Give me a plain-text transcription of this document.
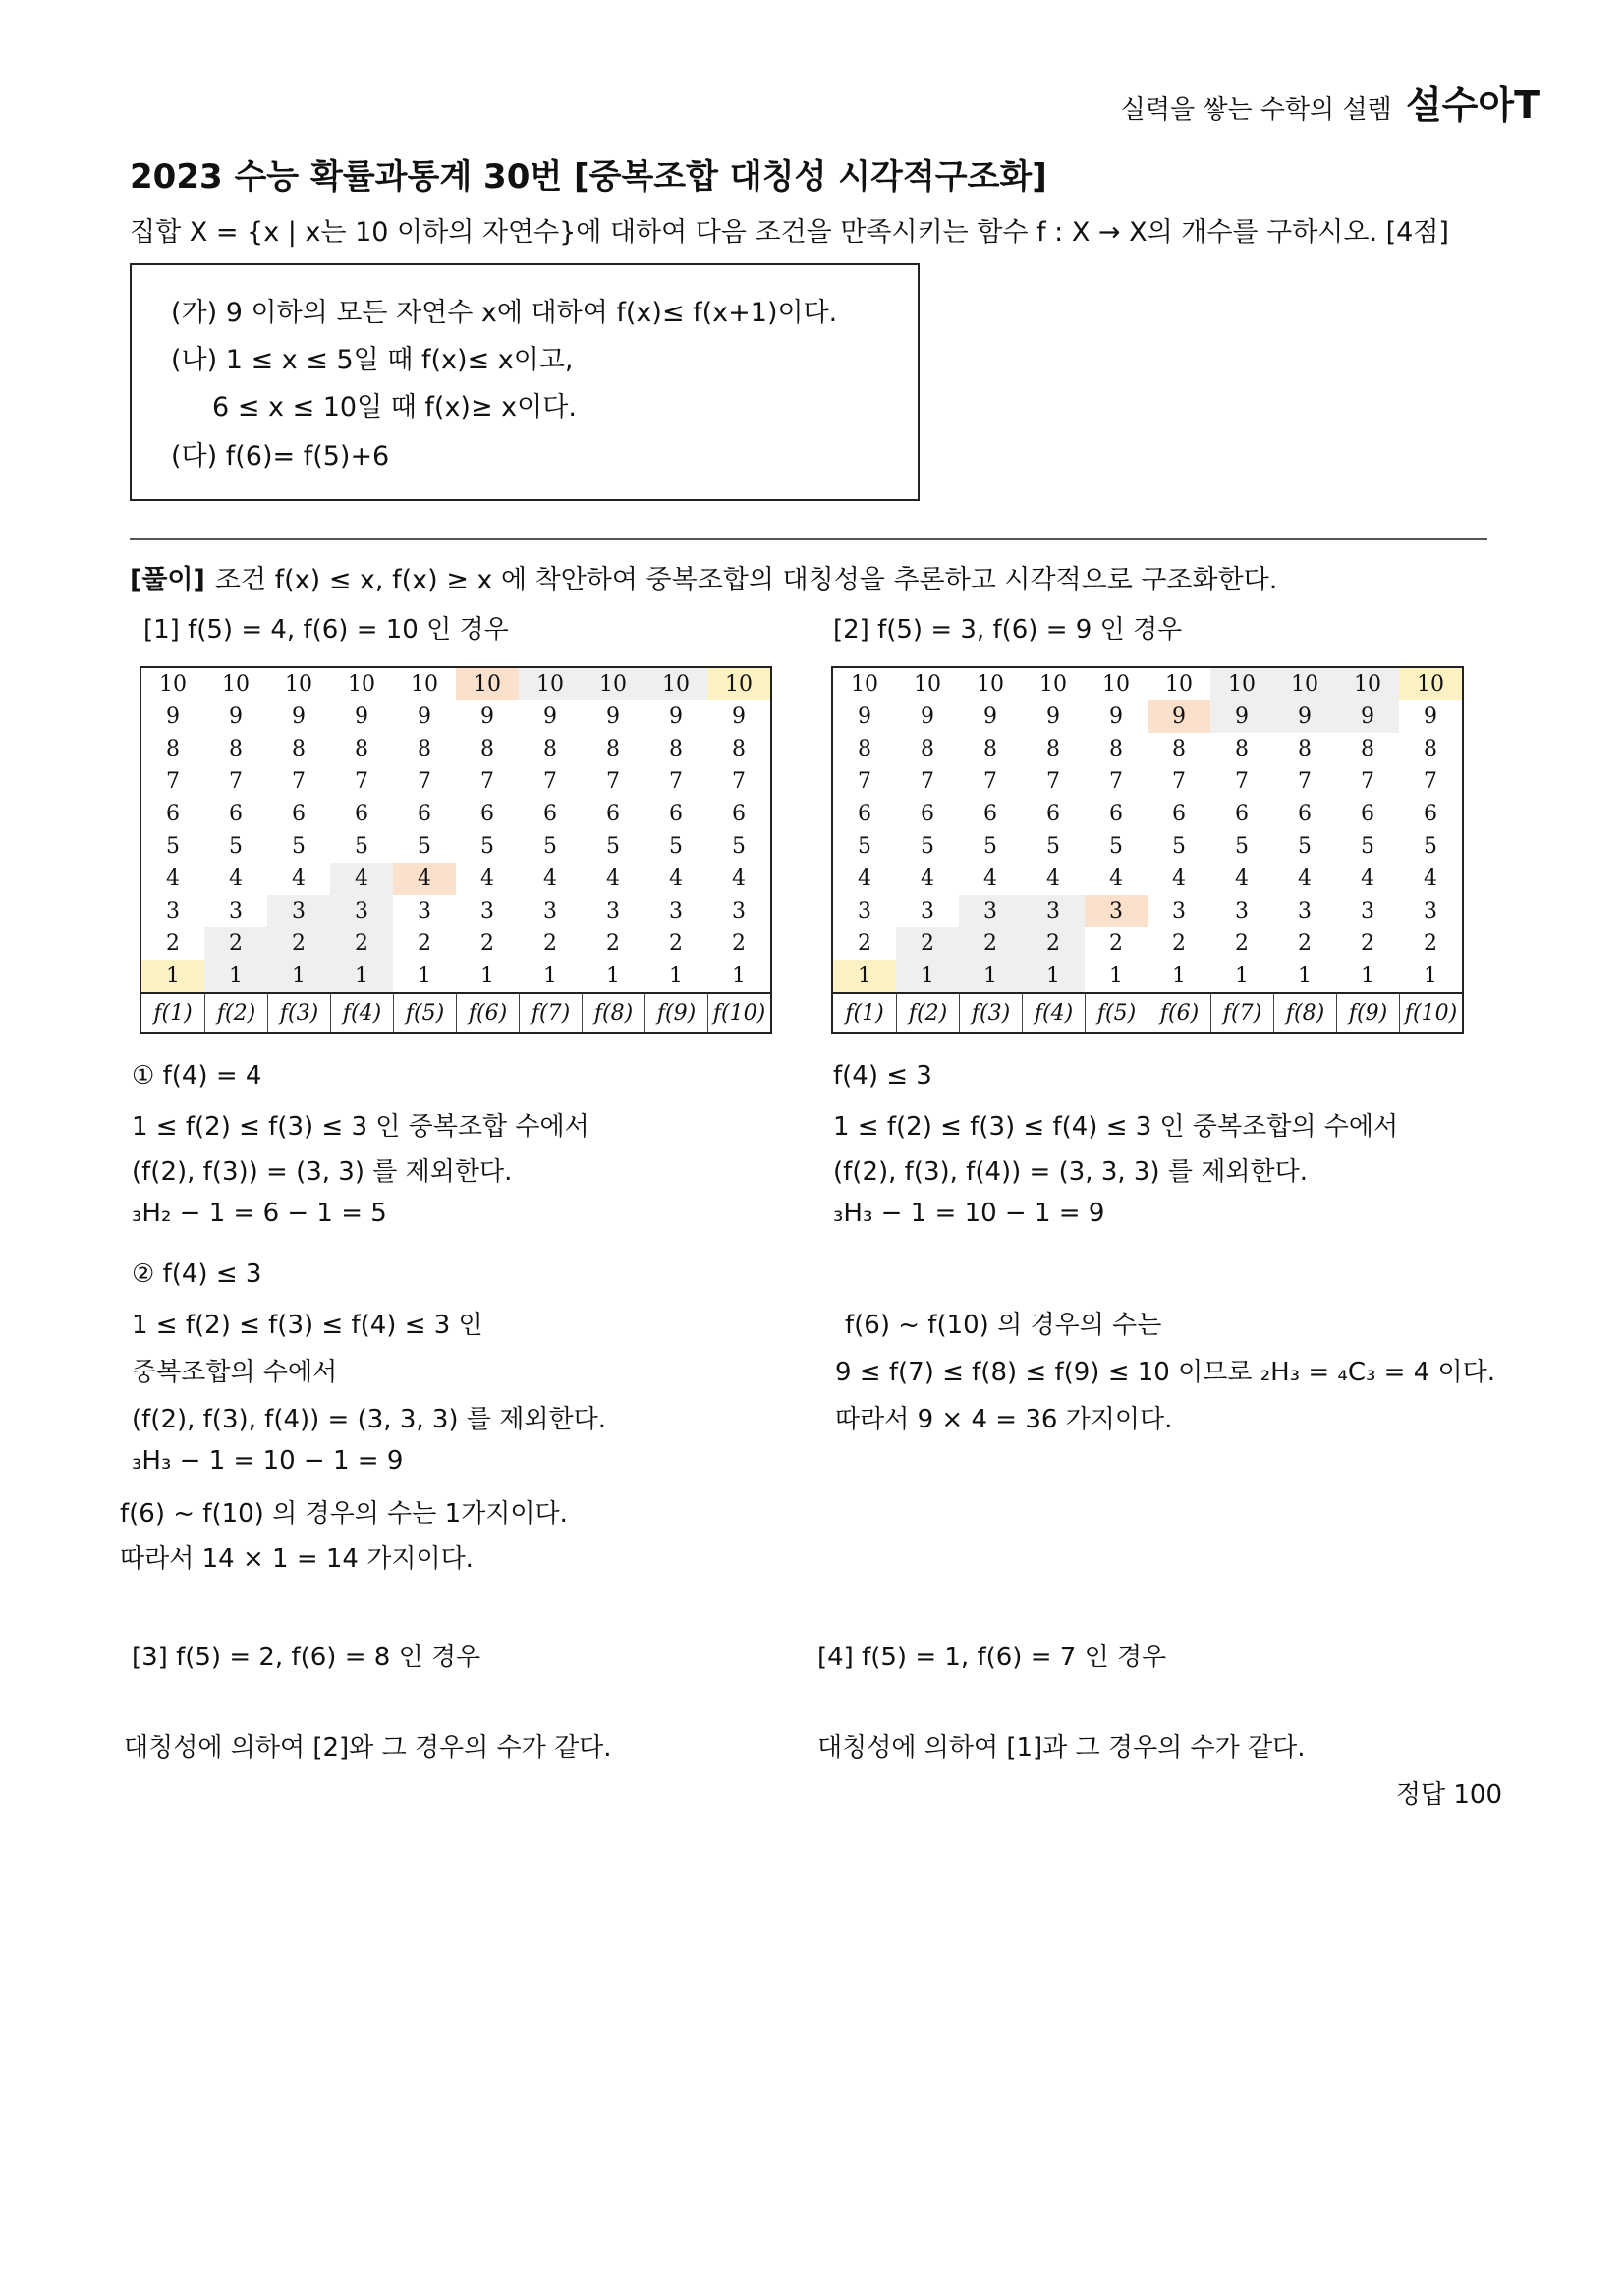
실력을 쌓는 수학의 설렘 설수아T
2023 수능 확률과통계 30번 [중복조합 대칭성 시각적구조화]
집합 X = {x | x는 10 이하의 자연수}에 대하여 다음 조건을 만족시키는 함수 f : X → X의 개수를 구하시오. [4점]
(가) 9 이하의 모든 자연수 x에 대하여 f(x)≤ f(x+1)이다.
(나) 1 ≤ x ≤ 5일 때 f(x)≤ x이고,
6 ≤ x ≤ 10일 때 f(x)≥ x이다.
(다) f(6)= f(5)+6
[풀이] 조건 f(x) ≤ x, f(x) ≥ x 에 착안하여 중복조합의 대칭성을 추론하고 시각적으로 구조화한다.
[1] f(5) = 4, f(6) = 10 인 경우	[2] f(5) = 3, f(6) = 9 인 경우
10	10	10	10	10	10	10	10	10	10
9	9	9	9	9	9	9	9	9	9
8	8	8	8	8	8	8	8	8	8
7	7	7	7	7	7	7	7	7	7
6	6	6	6	6	6	6	6	6	6
5	5	5	5	5	5	5	5	5	5
4	4	4	4	4	4	4	4	4	4
3	3	3	3	3	3	3	3	3	3
2	2	2	2	2	2	2	2	2	2
1	1	1	1	1	1	1	1	1	1
f(1)	f(2)	f(3)	f(4)	f(5)	f(6)	f(7)	f(8)	f(9) f(10)
10	10	10	10	10	10	10	10	10	10
9	9	9	9	9	9	9	9	9	9
8	8	8	8	8	8	8	8	8	8
7	7	7	7	7	7	7	7	7	7
6	6	6	6	6	6	6	6	6	6
5	5	5	5	5	5	5	5	5	5
4	4	4	4	4	4	4	4	4	4
3	3	3	3	3	3	3	3	3	3
2	2	2	2	2	2	2	2	2	2
1	1	1	1	1	1	1	1	1	1
f(1)	f(2)	f(3)	f(4)	f(5)	f(6)	f(7)	f(8)	f(9) f(10)
① f(4) = 4
1 ≤ f(2) ≤ f(3) ≤ 3 인 중복조합 수에서
(f(2), f(3)) = (3, 3) 를 제외한다.
₃H₂ − 1 = 6 − 1 = 5
② f(4) ≤ 3
1 ≤ f(2) ≤ f(3) ≤ f(4) ≤ 3 인
중복조합의 수에서
(f(2), f(3), f(4)) = (3, 3, 3) 를 제외한다.
₃H₃ − 1 = 10 − 1 = 9
f(6) ~ f(10) 의 경우의 수는 1가지이다.
따라서 14 × 1 = 14 가지이다.
f(4) ≤ 3
1 ≤ f(2) ≤ f(3) ≤ f(4) ≤ 3 인 중복조합의 수에서
(f(2), f(3), f(4)) = (3, 3, 3) 를 제외한다.
₃H₃ − 1 = 10 − 1 = 9
f(6) ~ f(10) 의 경우의 수는
9 ≤ f(7) ≤ f(8) ≤ f(9) ≤ 10 이므로 ₂H₃ = ₄C₃ = 4 이다.
따라서 9 × 4 = 36 가지이다.
[3] f(5) = 2, f(6) = 8 인 경우	[4] f(5) = 1, f(6) = 7 인 경우
대칭성에 의하여 [2]와 그 경우의 수가 같다.	대칭성에 의하여 [1]과 그 경우의 수가 같다.
정답 100
